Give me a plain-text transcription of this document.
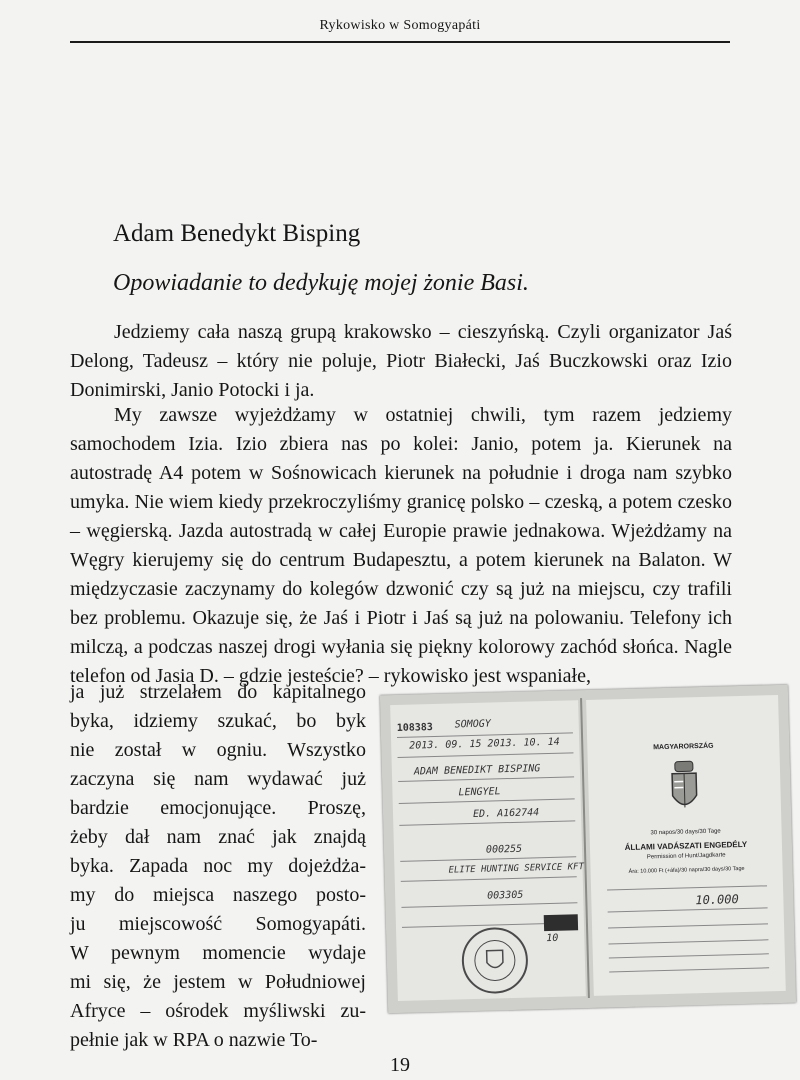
Rykowisko w Somogyapáti
Adam Benedykt Bisping
Opowiadanie to dedykuję mojej żonie Basi.

Jedziemy cała naszą grupą krakowsko – cieszyńską. Czyli organizator Jaś Delong, Tadeusz – który nie poluje, Piotr Białecki, Jaś Buczkowski oraz Izio Donimirski, Janio Potocki i ja.

My zawsze wyjeżdżamy w ostatniej chwili, tym razem jedziemy samochodem Izia. Izio zbiera nas po kolei: Janio, potem ja. Kierunek na autostradę A4 potem w Sośnowicach kierunek na południe i droga nam szybko umyka. Nie wiem kiedy przekroczyliśmy granicę polsko – czeską, a potem czesko – węgierską. Jazda autostradą w całej Europie prawie jednakowa. Wjeżdżamy na Węgry kierujemy się do centrum Budapesztu, a potem kierunek na Balaton. W międzyczasie zaczynamy do kolegów dzwonić czy są już na miejscu, czy trafili bez problemu. Okazuje się, że Jaś i Piotr i Jaś są już na polowaniu. Telefony ich milczą, a podczas naszej drogi wyłania się piękny kolorowy zachód słońca. Nagle telefon od Jasia D. – gdzie jesteście? – rykowisko jest wspaniałe,

ja już strzelałem do kapitalnego
byka, idziemy szukać, bo byk
nie został w ogniu. Wszystko
zaczyna się nam wydawać już
bardzie emocjonujące. Proszę,
żeby dał nam znać jak znajdą
byka. Zapada noc my dojeżdża-
my do miejsca naszego posto-
ju miejscowość Somogyapáti.
W pewnym momencie wydaje
mi się, że jestem w Południowej
Afryce – ośrodek myśliwski zu-
pełnie jak w RPA o nazwie To-
108383 SOMOGY
2013. 09. 15 2013. 10. 14
ADAM BENEDIKT BISPING
LENGYEL
ED. A162744
000255
ELITE HUNTING SERVICE KFT
003305
10
MAGYARORSZÁG
30 napos/30 days/30 Tage
ÁLLAMI VADÁSZATI ENGEDÉLY
Permission of Hunt/Jagdkarte
Ára: 10.000 Ft (+áfa)/30 napra/30 days/30 Tage
10.000
19
